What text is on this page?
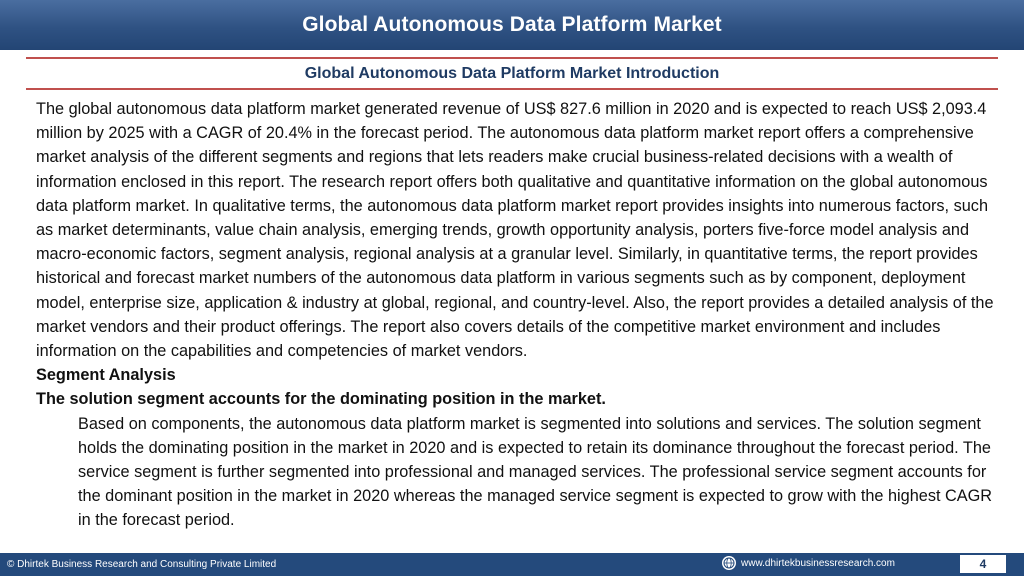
Global Autonomous Data Platform Market
Global Autonomous Data Platform Market Introduction

The global autonomous data platform market generated revenue of US$ 827.6 million in 2020 and is expected to reach US$ 2,093.4 million by 2025 with a CAGR of 20.4% in the forecast period. The autonomous data platform market report offers a comprehensive market analysis of the different segments and regions that lets readers make crucial business-related decisions with a wealth of information enclosed in this report. The research report offers both qualitative and quantitative information on the global autonomous data platform market. In qualitative terms, the autonomous data platform market report provides insights into numerous factors, such as market determinants, value chain analysis, emerging trends, growth opportunity analysis, porters five-force model analysis and macro-economic factors, segment analysis, regional analysis at a granular level. Similarly, in quantitative terms, the report provides historical and forecast market numbers of the autonomous data platform in various segments such as by component, deployment model, enterprise size, application & industry at global, regional, and country-level. Also, the report provides a detailed analysis of the market vendors and their product offerings. The report also covers details of the competitive market environment and includes information on the capabilities and competencies of market vendors.

Segment Analysis

The solution segment accounts for the dominating position in the market.

Based on components, the autonomous data platform market is segmented into solutions and services. The solution segment holds the dominating position in the market in 2020 and is expected to retain its dominance throughout the forecast period. The service segment is further segmented into professional and managed services. The professional service segment accounts for the dominant position in the market in 2020 whereas the managed service segment is expected to grow with the highest CAGR in the forecast period.

© Dhirtek Business Research and Consulting Private Limited	www.dhirtekbusinessresearch.com	4
